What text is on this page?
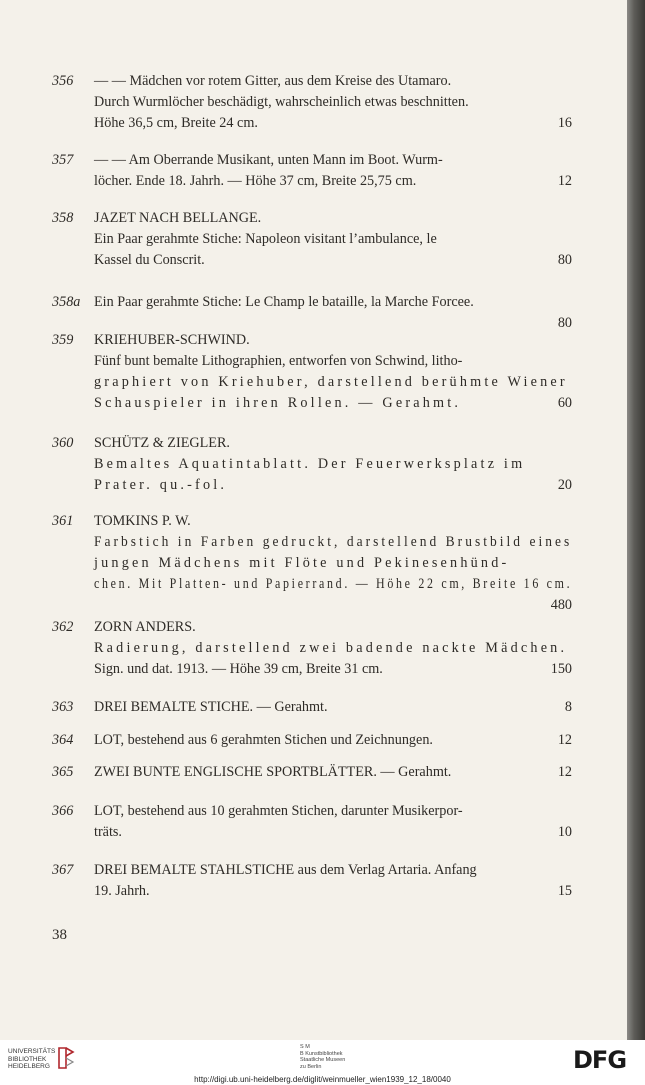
356	— — Mädchen vor rotem Gitter, aus dem Kreise des Utamaro.
Durch Wurmlöcher beschädigt, wahrscheinlich etwas beschnitten.
Höhe 36,5 cm, Breite 24 cm.	16
357	— — Am Oberrande Musikant, unten Mann im Boot. Wurm-
löcher. Ende 18. Jahrh. — Höhe 37 cm, Breite 25,75 cm.	12
358	JAZET NACH BELLANGE.
Ein Paar gerahmte Stiche: Napoleon visitant l’ambulance, le
Kassel du Conscrit.	80
358a Ein Paar gerahmte Stiche: Le Champ le bataille, la Marche Forcee.
80
359	KRIEHUBER-SCHWIND.
Fünf bunt bemalte Lithographien, entworfen von Schwind, litho-
graphiert von Kriehuber, darstellend berühmte Wiener
Schauspieler in ihren Rollen. — Gerahmt.	60
360	SCHÜTZ & ZIEGLER.
Bemaltes Aquatintablatt. Der Feuerwerksplatz im
Prater. qu.-fol.	20
361	TOMKINS P. W.
Farbstich in Farben gedruckt, darstellend Brustbild eines
jungen Mädchens mit Flöte und Pekinesenhünd-
chen. Mit Platten- und Papierrand. — Höhe 22 cm, Breite 16 cm.
480
362	ZORN ANDERS.
Radierung, darstellend zwei badende nackte Mädchen.
Sign. und dat. 1913. — Höhe 39 cm, Breite 31 cm.	150
363	DREI BEMALTE STICHE. — Gerahmt.	8
364	LOT, bestehend aus 6 gerahmten Stichen und Zeichnungen.	12
365	ZWEI BUNTE ENGLISCHE SPORTBLÄTTER. — Gerahmt.	12
366	LOT, bestehend aus 10 gerahmten Stichen, darunter Musikerpor-
träts.	10
367	DREI BEMALTE STAHLSTICHE aus dem Verlag Artaria. Anfang
19. Jahrh.	15
38
UNIVERSITÄTS
BIBLIOTHEK
HEIDELBERG
S M
B Kunstbibliothek
Staatliche Museen
zu Berlin	DFG
http://digi.ub.uni-heidelberg.de/diglit/weinmueller_wien1939_12_18/0040
